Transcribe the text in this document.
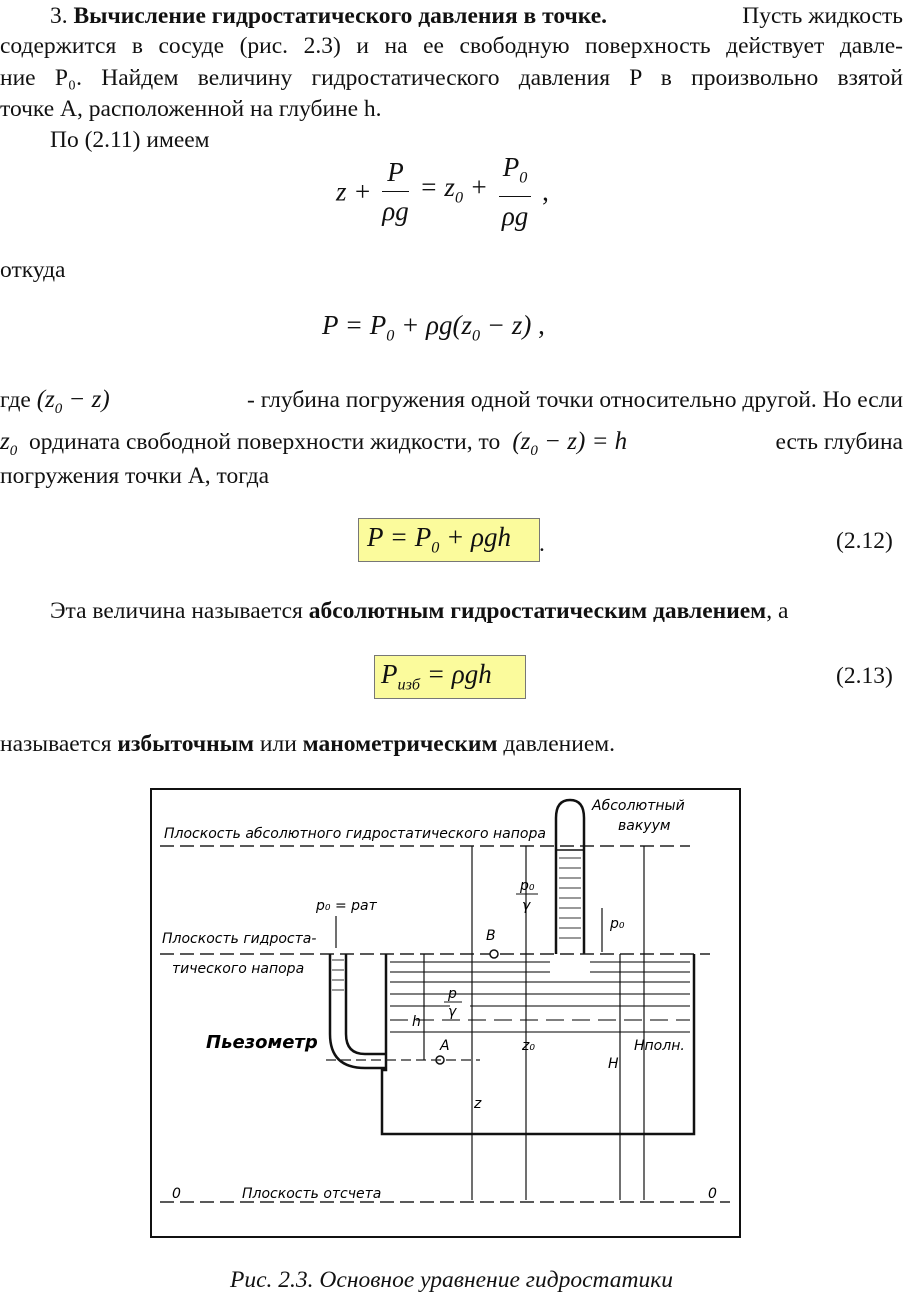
3. Вычисление гидростатического давления в точке.	Пусть жидкость
содержится в сосуде (рис. 2.3) и на ее свободную поверхность действует давле-
ние P₀. Найдем величину гидростатического давления P в произвольно взятой
точке A, расположенной на глубине h.
По (2.11) имеем
$z + \frac{P}{\rho g} = z_0 + \frac{P_0}{\rho g}$ ,
откуда
$P = P_0 + \rho g(z_0 - z)$ ,
где $(z_0 - z)$	- глубина погружения одной точки относительно другой. Но если
$z_0$ ордината свободной поверхности жидкости, то  $(z_0 - z) = h$	есть глубина
погружения точки A, тогда
$P = P_0 + \rho gh$ .	(2.12)
Эта величина называется абсолютным гидростатическим давлением, а
$P_{изб} = \rho gh$	(2.13)
называется избыточным или манометрическим давлением.
Плоскость абсолютного гидростатического напора
Абсолютный
вакуум
Плоскость гидроста-
тического напора
Пьезометр
p₀ = pат
p₀
B
A
h
z
p
γ
z₀
p₀
γ
H
Hполн.
0	Плоскость отсчета	0
Рис. 2.3. Основное уравнение гидростатики
